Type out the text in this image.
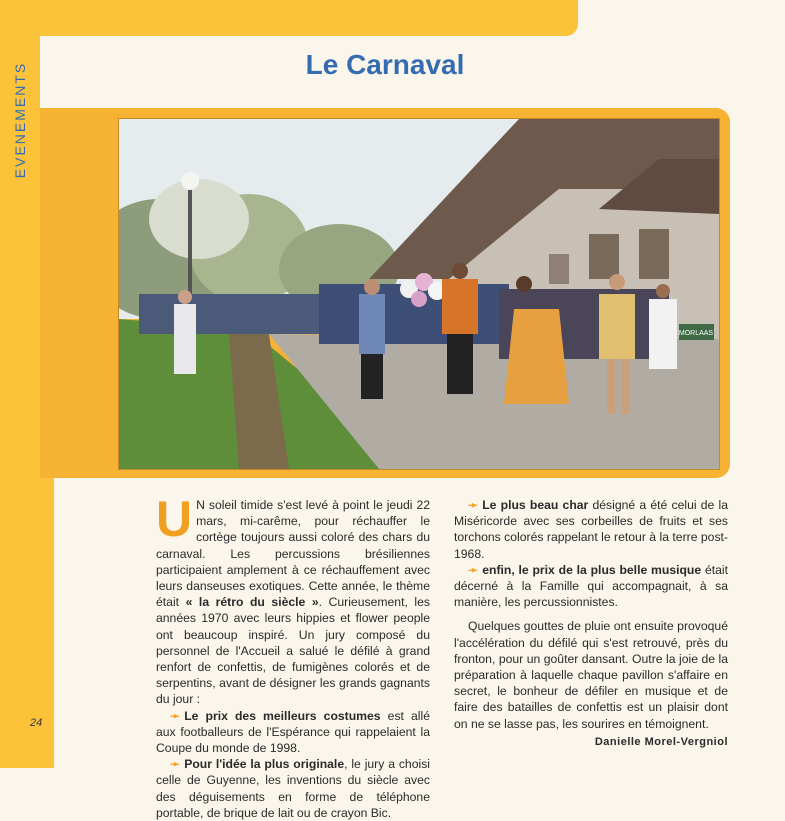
EVENEMENTS	Le Carnaval
MORLAAS

U N soleil timide s'est levé à point le jeudi 22 mars, mi-carême, pour réchauffer le cortège toujours aussi coloré des chars du carnaval. Les percussions brésiliennes participaient amplement à ce réchauffement avec leurs danseuses exotiques. Cette année, le thème était « la rétro du siècle ». Curieusement, les années 1970 avec leurs hippies et flower people ont beaucoup inspiré. Un jury composé du personnel de l'Accueil a salué le défilé à grand renfort de confettis, de fumigènes colorés et de serpentins, avant de désigner les grands gagnants du jour :

➛ Le prix des meilleurs costumes est allé aux footballeurs de l'Espérance qui rappelaient la Coupe du monde de 1998.

➛ Pour l'idée la plus originale, le jury a choisi celle de Guyenne, les inventions du siècle avec des déguisements en forme de téléphone portable, de brique de lait ou de crayon Bic.

➛ Le plus beau char désigné a été celui de la Miséricorde avec ses corbeilles de fruits et ses torchons colorés rappelant le retour à la terre post-1968.

➛ enfin, le prix de la plus belle musique était décerné à la Famille qui accompagnait, à sa manière, les percussionnistes.

Quelques gouttes de pluie ont ensuite provoqué l'accélération du défilé qui s'est retrouvé, près du fronton, pour un goûter dansant. Outre la joie de la préparation à laquelle chaque pavillon s'affaire en secret, le bonheur de défiler en musique et de faire des batailles de confettis est un plaisir dont on ne se lasse pas, les sourires en témoignent.

Danielle Morel-Vergniol
24
